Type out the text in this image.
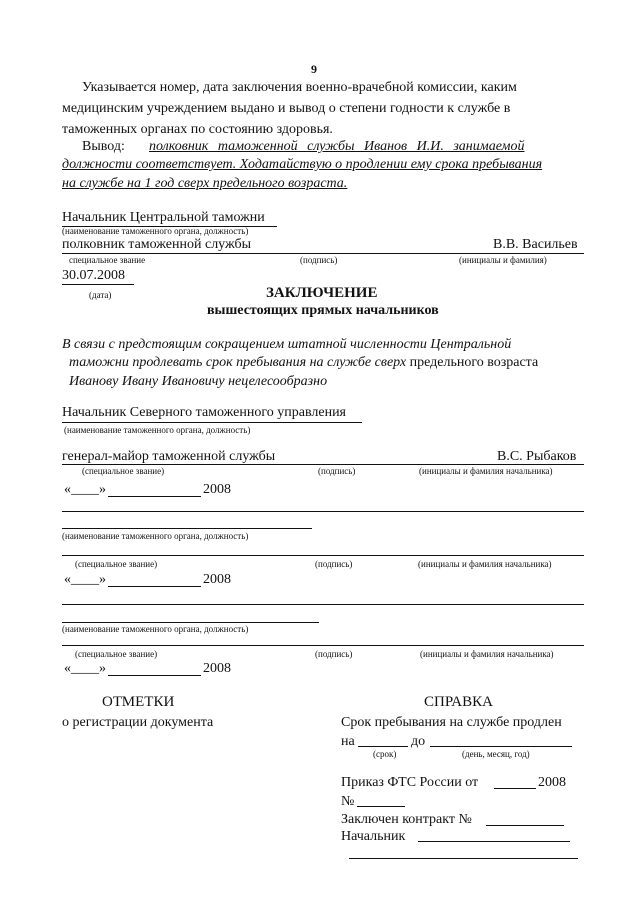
9
Указывается номер, дата заключения военно-врачебной комиссии, каким
медицинским учреждением выдано и вывод о степени годности к службе в
таможенных органах по состоянию здоровья.
Вывод: полковник таможенной службы Иванов И.И. занимаемой
должности соответствует. Ходатайствую о продлении ему срока пребывания
на службе на 1 год сверх предельного возраста.
Начальник Центральной таможни
(наименование таможенного органа, должность)
полковник таможенной службы	В.В. Васильев
специальное звание	(подпись)	(инициалы и фамилия)
30.07.2008
(дата)	ЗАКЛЮЧЕНИЕ
вышестоящих прямых начальников
В связи с предстоящим сокращением штатной численности Центральной
таможни продлевать срок пребывания на службе сверх предельного возраста
Иванову Ивану Ивановичу нецелесообразно
Начальник Северного таможенного управления
(наименование таможенного органа, должность)
генерал-майор таможенной службы	В.С. Рыбаков
(специальное звание)	(подпись)	(инициалы и фамилия начальника)
«____»	2008
(наименование таможенного органа, должность)
(специальное звание)	(подпись)	(инициалы и фамилия начальника)
«____»	2008
(наименование таможенного органа, должность)
(специальное звание)	(подпись)	(инициалы и фамилия начальника)
«____»	2008
ОТМЕТКИ
о регистрации документа
СПРАВКА
Срок пребывания на службе продлен
на	до
(срок)	(день, месяц, год)
Приказ ФТС России от	2008
№
Заключен контракт №
Начальник
